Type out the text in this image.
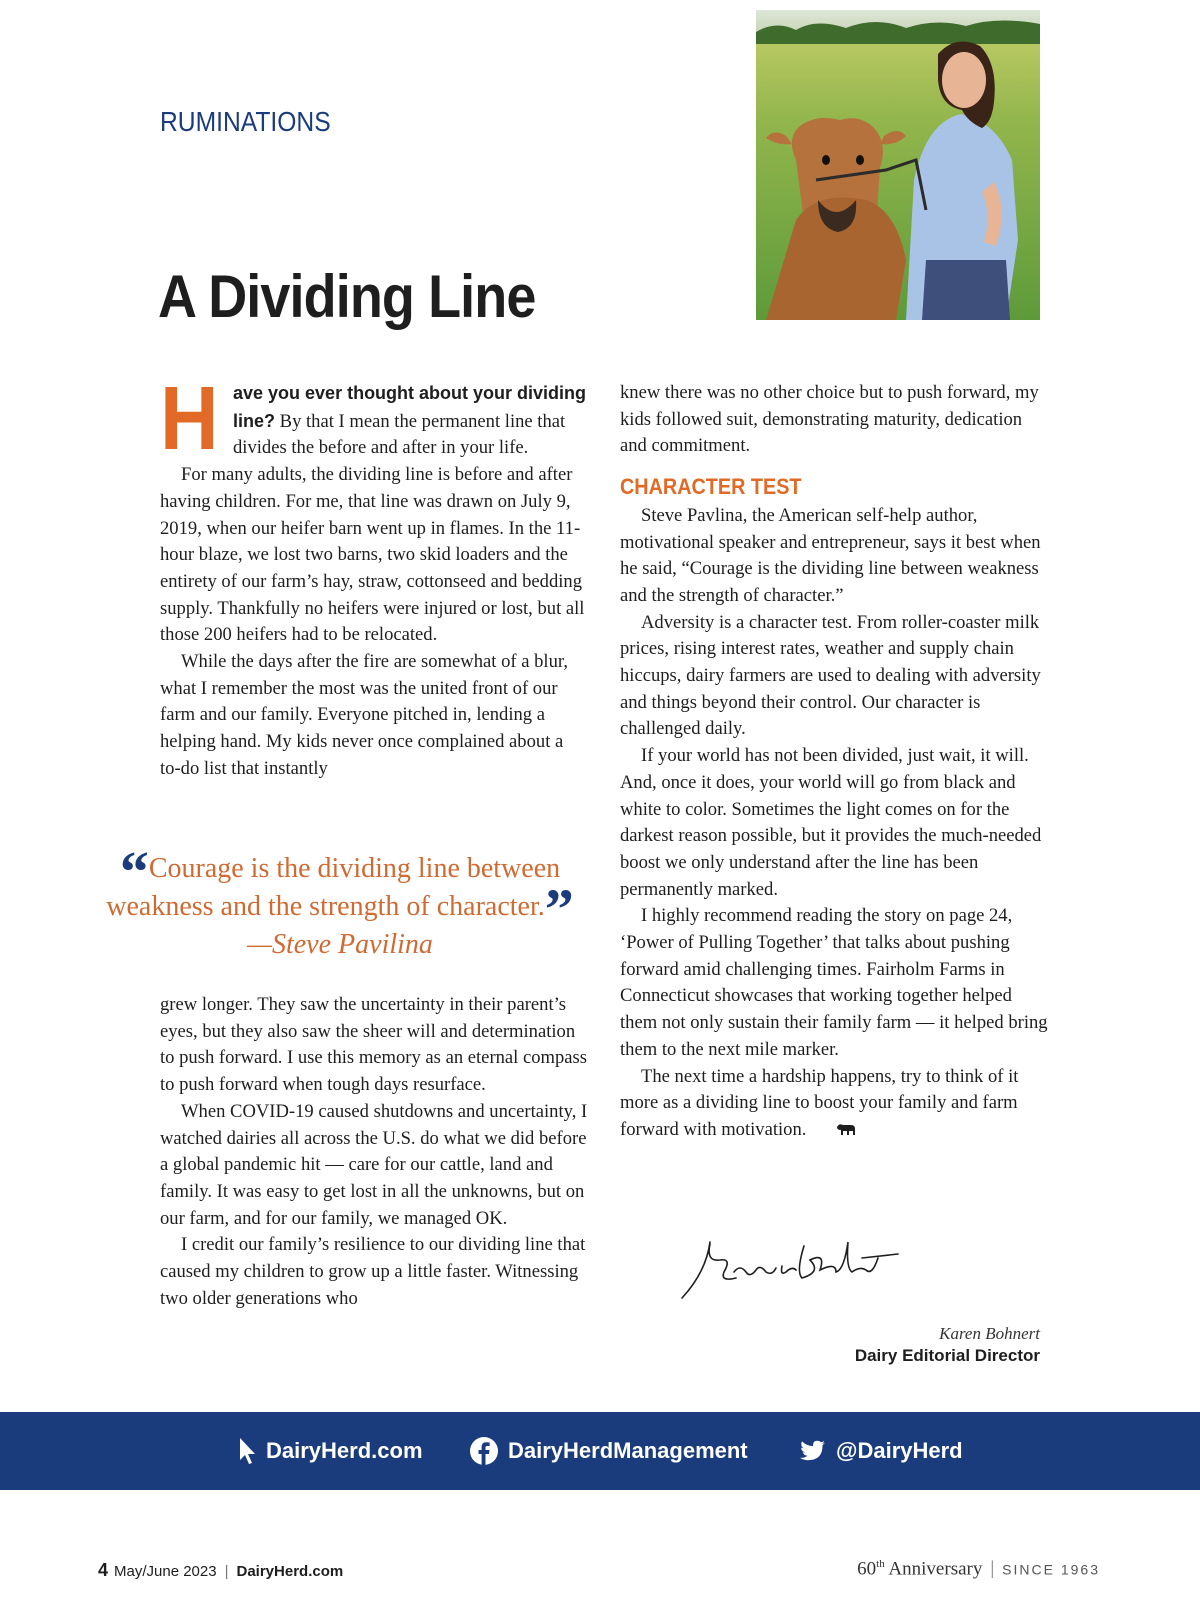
RUMINATIONS
A Dividing Line

Have you ever thought about your dividing line? By that I mean the permanent line that divides the before and after in your life.

For many adults, the dividing line is before and after having children. For me, that line was drawn on July 9, 2019, when our heifer barn went up in flames. In the 11-hour blaze, we lost two barns, two skid loaders and the entirety of our farm’s hay, straw, cottonseed and bedding supply. Thankfully no heifers were injured or lost, but all those 200 heifers had to be relocated.

While the days after the fire are somewhat of a blur, what I remember the most was the united front of our farm and our family. Everyone pitched in, lending a helping hand. My kids never once complained about a to-do list that instantly

“Courage is the dividing line between weakness and the strength of character.”
—Steve Pavilina

grew longer. They saw the uncertainty in their parent’s eyes, but they also saw the sheer will and determination to push forward. I use this memory as an eternal compass to push forward when tough days resurface.

When COVID-19 caused shutdowns and uncertainty, I watched dairies all across the U.S. do what we did before a global pandemic hit — care for our cattle, land and family. It was easy to get lost in all the unknowns, but on our farm, and for our family, we managed OK.

I credit our family’s resilience to our dividing line that caused my children to grow up a little faster. Witnessing two older generations who

knew there was no other choice but to push forward, my kids followed suit, demonstrating maturity, dedication and commitment.

CHARACTER TEST

Steve Pavlina, the American self-help author, motivational speaker and entrepreneur, says it best when he said, “Courage is the dividing line between weakness and the strength of character.”

Adversity is a character test. From roller-coaster milk prices, rising interest rates, weather and supply chain hiccups, dairy farmers are used to dealing with adversity and things beyond their control. Our character is challenged daily.

If your world has not been divided, just wait, it will. And, once it does, your world will go from black and white to color. Sometimes the light comes on for the darkest reason possible, but it provides the much-needed boost we only understand after the line has been permanently marked.

I highly recommend reading the story on page 24, ‘Power of Pulling Together’ that talks about pushing forward amid challenging times. Fairholm Farms in Connecticut showcases that working together helped them not only sustain their family farm — it helped bring them to the next mile marker.

The next time a hardship happens, try to think of it more as a dividing line to boost your family and farm forward with motivation.

Karen Bohnert
Dairy Editorial Director
DairyHerd.com	DairyHerdManagement	@DairyHerd
4 May/June 2023 | DairyHerd.com	60th Anniversary | SINCE 1963
